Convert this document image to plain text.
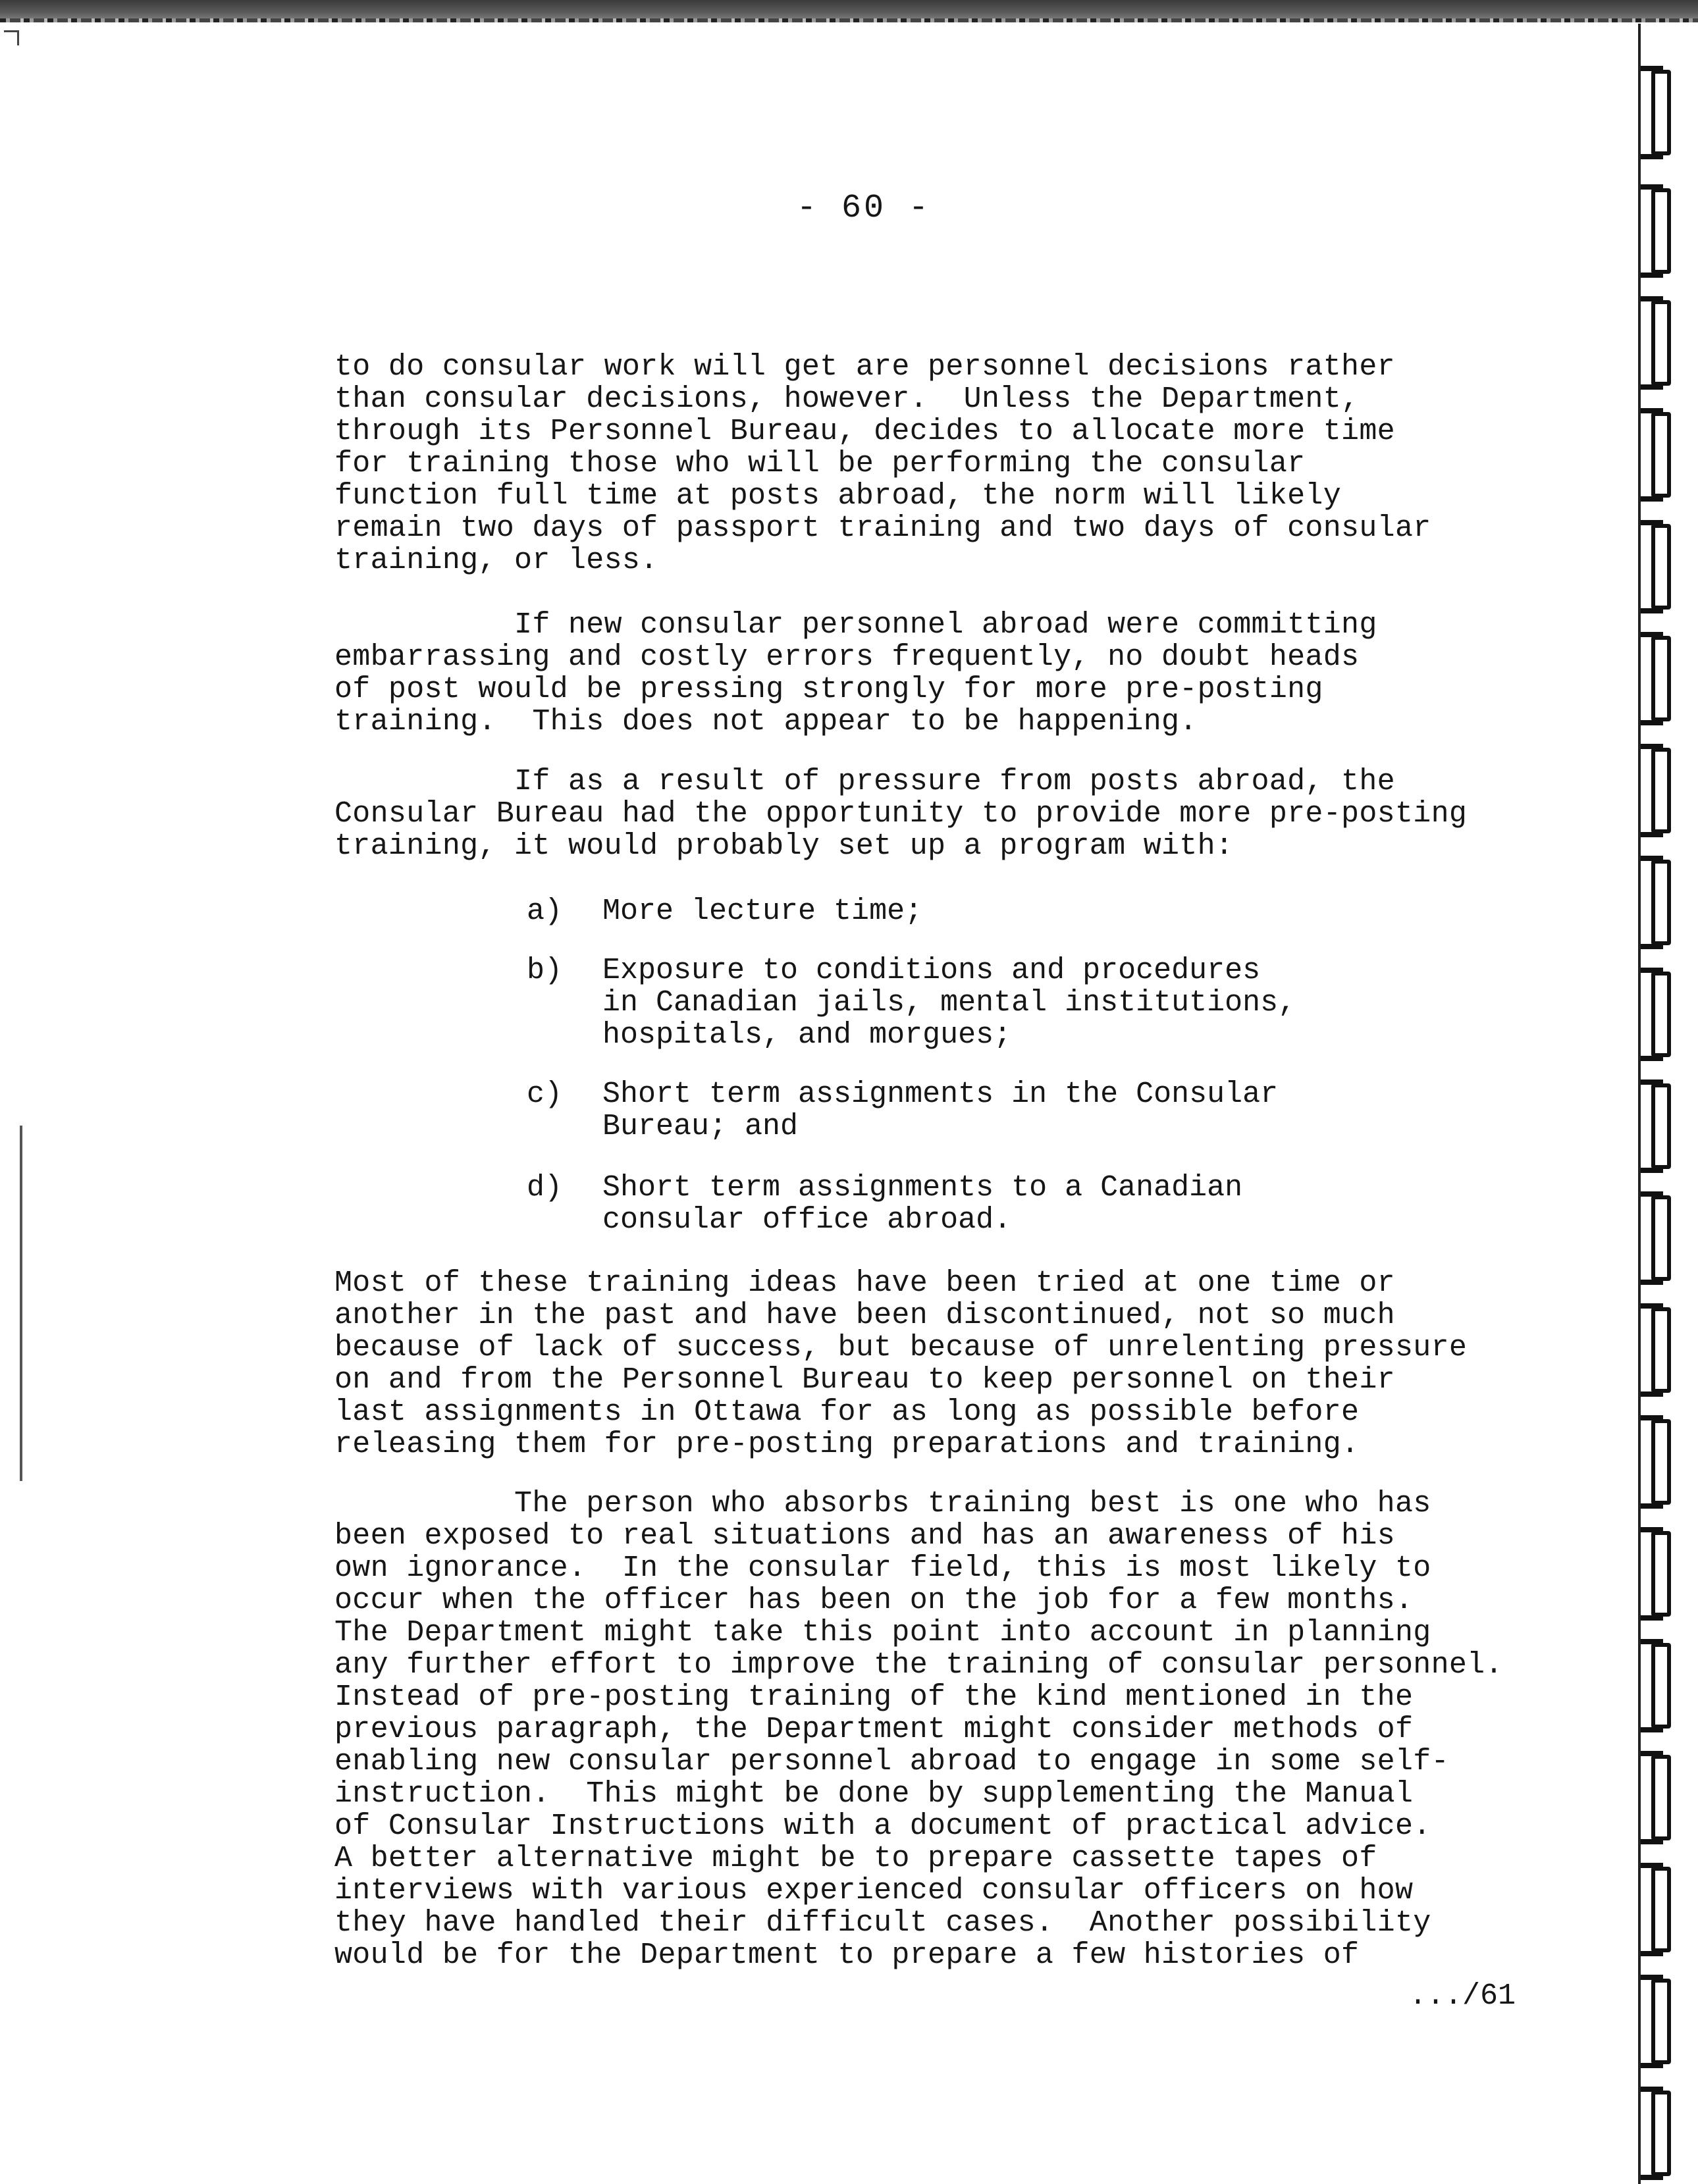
- 60 -
to do consular work will get are personnel decisions rather
than consular decisions, however.  Unless the Department,
through its Personnel Bureau, decides to allocate more time
for training those who will be performing the consular
function full time at posts abroad, the norm will likely
remain two days of passport training and two days of consular
training, or less.
If new consular personnel abroad were committing
embarrassing and costly errors frequently, no doubt heads
of post would be pressing strongly for more pre-posting
training.  This does not appear to be happening.
If as a result of pressure from posts abroad, the
Consular Bureau had the opportunity to provide more pre-posting
training, it would probably set up a program with:
a) More lecture time;
b) Exposure to conditions and procedures
in Canadian jails, mental institutions,
hospitals, and morgues;
c) Short term assignments in the Consular
Bureau; and
d) Short term assignments to a Canadian
consular office abroad.
Most of these training ideas have been tried at one time or
another in the past and have been discontinued, not so much
because of lack of success, but because of unrelenting pressure
on and from the Personnel Bureau to keep personnel on their
last assignments in Ottawa for as long as possible before
releasing them for pre-posting preparations and training.
The person who absorbs training best is one who has
been exposed to real situations and has an awareness of his
own ignorance.  In the consular field, this is most likely to
occur when the officer has been on the job for a few months.
The Department might take this point into account in planning
any further effort to improve the training of consular personnel.
Instead of pre-posting training of the kind mentioned in the
previous paragraph, the Department might consider methods of
enabling new consular personnel abroad to engage in some self-
instruction.  This might be done by supplementing the Manual
of Consular Instructions with a document of practical advice.
A better alternative might be to prepare cassette tapes of
interviews with various experienced consular officers on how
they have handled their difficult cases.  Another possibility
would be for the Department to prepare a few histories of
.../61
